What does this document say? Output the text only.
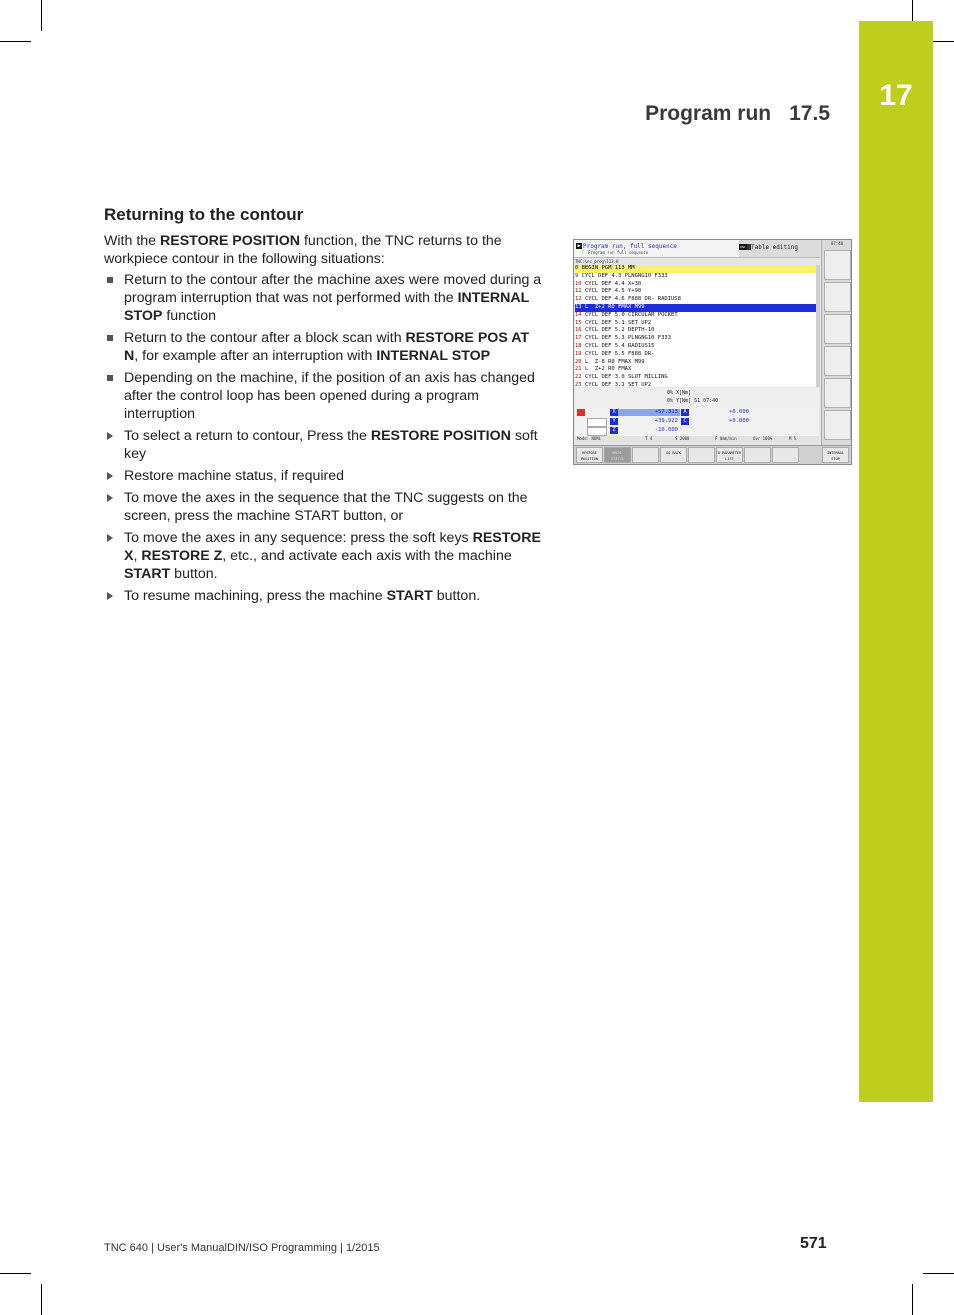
17
Program run 17.5
Returning to the contour

With the RESTORE POSITION function, the TNC returns to the workpiece contour in the following situations:

Return to the contour after the machine axes were moved during a program interruption that was not performed with the INTERNAL STOP function
Return to the contour after a block scan with RESTORE POS AT N, for example after an interruption with INTERNAL STOP
Depending on the machine, if the position of an axis has changed after the control loop has been opened during a program interruption
To select a return to contour, Press the RESTORE POSITION soft key
Restore machine status, if required
To move the axes in the sequence that the TNC suggests on the screen, press the machine START button, or
To move the axes in any sequence: press the soft keys RESTORE X, RESTORE Z, etc., and activate each axis with the machine START button.
To resume machining, press the machine START button.
▶ Program run, full sequence
Program run full sequence
DNC Table editing
07:40
TNC:\nc_prog\113.H
0 BEGIN PGM 113 MM
9 CYCL DEF 4.3 PLNGNG10 F333
10 CYCL DEF 4.4 X+30
11 CYCL DEF 4.5 Y+90
12 CYCL DEF 4.6 F888 DR- RADIUS8
13 L  Z+2 R0 FMAX M99
14 CYCL DEF 5.0 CIRCULAR POCKET
15 CYCL DEF 5.1 SET UP2
16 CYCL DEF 5.2 DEPTH-10
17 CYCL DEF 5.3 PLNGNG10 F333
18 CYCL DEF 5.4 RADIUS15
19 CYCL DEF 5.5 F888 DR-
20 L  Z-8 R0 FMAX M99
21 L  Z+2 R0 FMAX
22 CYCL DEF 3.0 SLOT MILLING
23 CYCL DEF 3.1 SET UP2
0% X[Nm]
0% Y[Nm] S1 07:40
X	+57.313 A	+0.000
Y	+39.922 C	+0.000
Z	-10.000
Mode: NOML	T 4	S 2000	F 0mm/min	Ovr 100%	M 5
RESTORE POSITION
MACH. STATUS
GO BACK	Q PARAMETER LIST
INTERNAL STOP
TNC 640 | User's ManualDIN/ISO Programming | 1/2015	571
